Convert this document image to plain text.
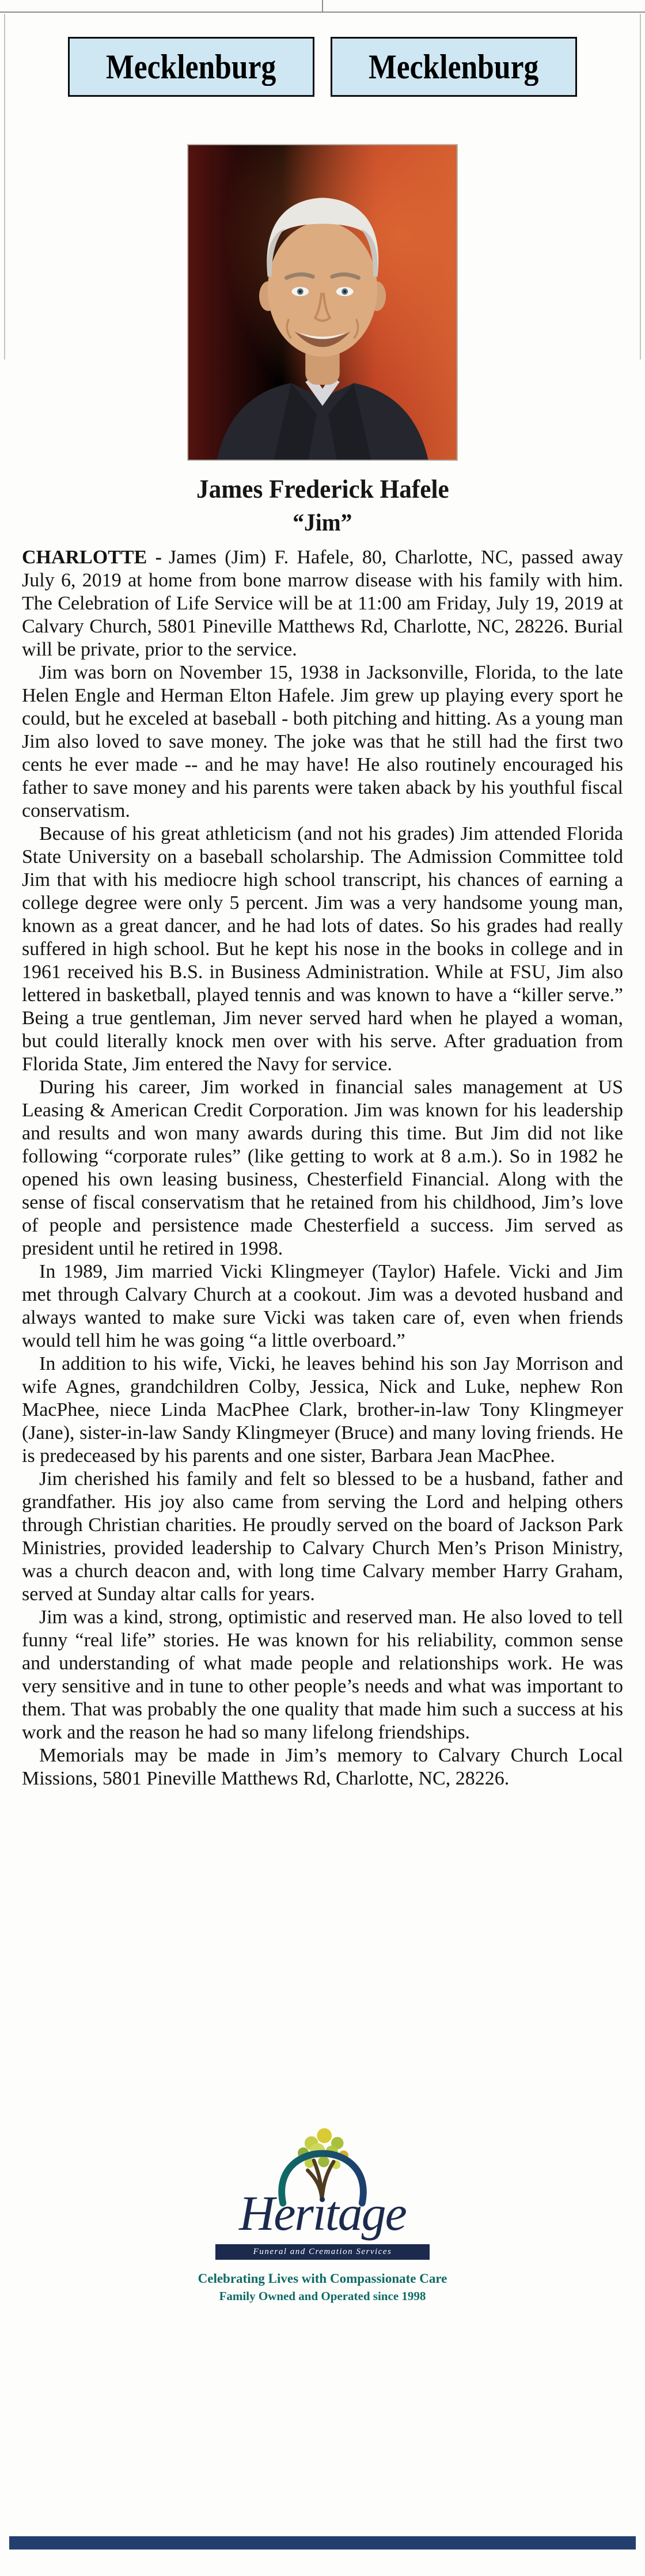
Mecklenburg	Mecklenburg
James Frederick Hafele
“Jim”

CHARLOTTE - James (Jim) F. Hafele, 80, Charlotte, NC, passed away July 6, 2019 at home from bone marrow disease with his family with him. The Celebration of Life Service will be at 11:00 am Friday, July 19, 2019 at Calvary Church, 5801 Pineville Matthews Rd, Charlotte, NC, 28226. Burial will be private, prior to the service.

Jim was born on November 15, 1938 in Jacksonville, Florida, to the late Helen Engle and Herman Elton Hafele. Jim grew up playing every sport he could, but he exceled at baseball - both pitching and hitting. As a young man Jim also loved to save money. The joke was that he still had the first two cents he ever made -- and he may have! He also routinely encouraged his father to save money and his parents were taken aback by his youthful fiscal conservatism.

Because of his great athleticism (and not his grades) Jim attended Florida State University on a baseball scholarship. The Admission Committee told Jim that with his mediocre high school transcript, his chances of earning a college degree were only 5 percent. Jim was a very handsome young man, known as a great dancer, and he had lots of dates. So his grades had really suffered in high school. But he kept his nose in the books in college and in 1961 received his B.S. in Business Administration. While at FSU, Jim also lettered in basketball, played tennis and was known to have a “killer serve.” Being a true gentleman, Jim never served hard when he played a woman, but could literally knock men over with his serve. After graduation from Florida State, Jim entered the Navy for service.

During his career, Jim worked in financial sales management at US Leasing & American Credit Corporation. Jim was known for his leadership and results and won many awards during this time. But Jim did not like following “corporate rules” (like getting to work at 8 a.m.). So in 1982 he opened his own leasing business, Chesterfield Financial. Along with the sense of fiscal conservatism that he retained from his childhood, Jim’s love of people and persistence made Chesterfield a success. Jim served as president until he retired in 1998.

In 1989, Jim married Vicki Klingmeyer (Taylor) Hafele. Vicki and Jim met through Calvary Church at a cookout. Jim was a devoted husband and always wanted to make sure Vicki was taken care of, even when friends would tell him he was going “a little overboard.”

In addition to his wife, Vicki, he leaves behind his son Jay Morrison and wife Agnes, grandchildren Colby, Jessica, Nick and Luke, nephew Ron MacPhee, niece Linda MacPhee Clark, brother-in-law Tony Klingmeyer (Jane), sister-in-law Sandy Klingmeyer (Bruce) and many loving friends. He is predeceased by his parents and one sister, Barbara Jean MacPhee.

Jim cherished his family and felt so blessed to be a husband, father and grandfather. His joy also came from serving the Lord and helping others through Christian charities. He proudly served on the board of Jackson Park Ministries, provided leadership to Calvary Church Men’s Prison Ministry, was a church deacon and, with long time Calvary member Harry Graham, served at Sunday altar calls for years.

Jim was a kind, strong, optimistic and reserved man. He also loved to tell funny “real life” stories. He was known for his reliability, common sense and understanding of what made people and relationships work. He was very sensitive and in tune to other people’s needs and what was important to them. That was probably the one quality that made him such a success at his work and the reason he had so many lifelong friendships.

Memorials may be made in Jim’s memory to Calvary Church Local Missions, 5801 Pineville Matthews Rd, Charlotte, NC, 28226.

Heritage
Funeral and Cremation Services
Celebrating Lives with Compassionate Care
Family Owned and Operated since 1998
